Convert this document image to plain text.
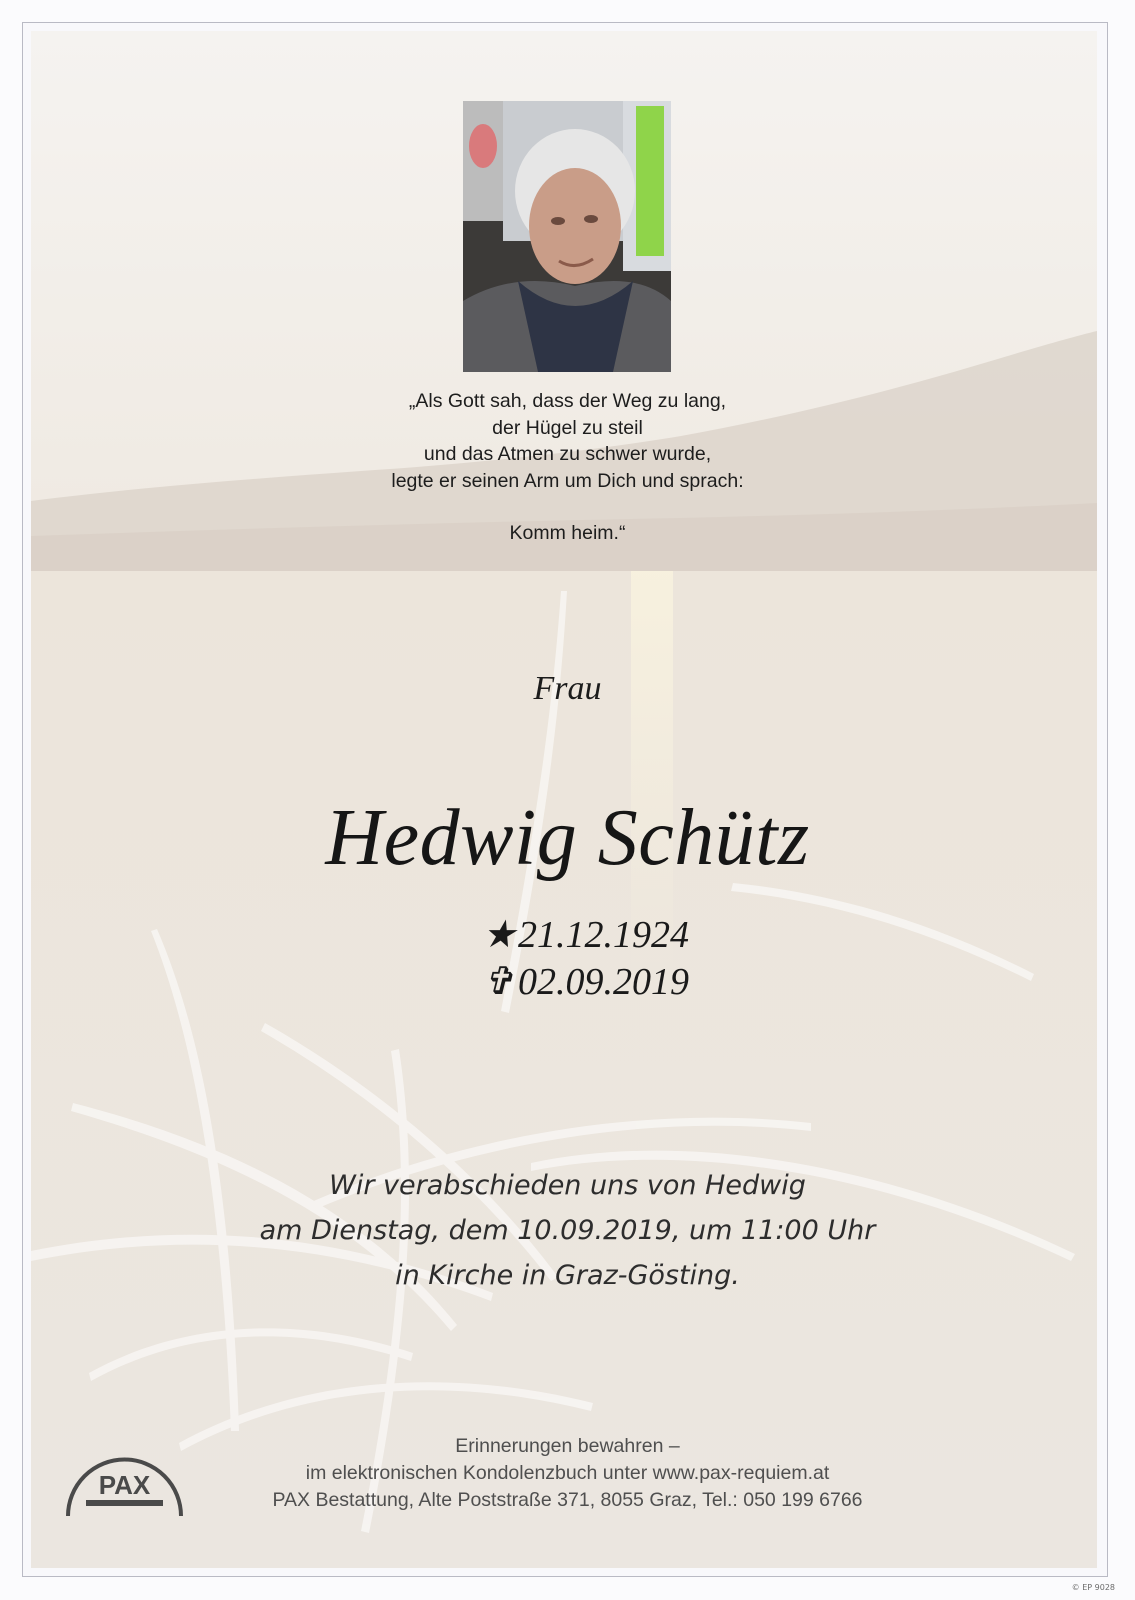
„Als Gott sah, dass der Weg zu lang,
der Hügel zu steil
und das Atmen zu schwer wurde,
legte er seinen Arm um Dich und sprach:
Komm heim.“
Frau
Hedwig Schütz
★ 21.12.1924
✞ 02.09.2019
Wir verabschieden uns von Hedwig
am Dienstag, dem 10.09.2019, um 11:00 Uhr
in Kirche in Graz-Gösting.
PAX
Erinnerungen bewahren –
im elektronischen Kondolenzbuch unter www.pax-requiem.at
PAX Bestattung, Alte Poststraße 371, 8055 Graz, Tel.: 050 199 6766
© EP 9028
